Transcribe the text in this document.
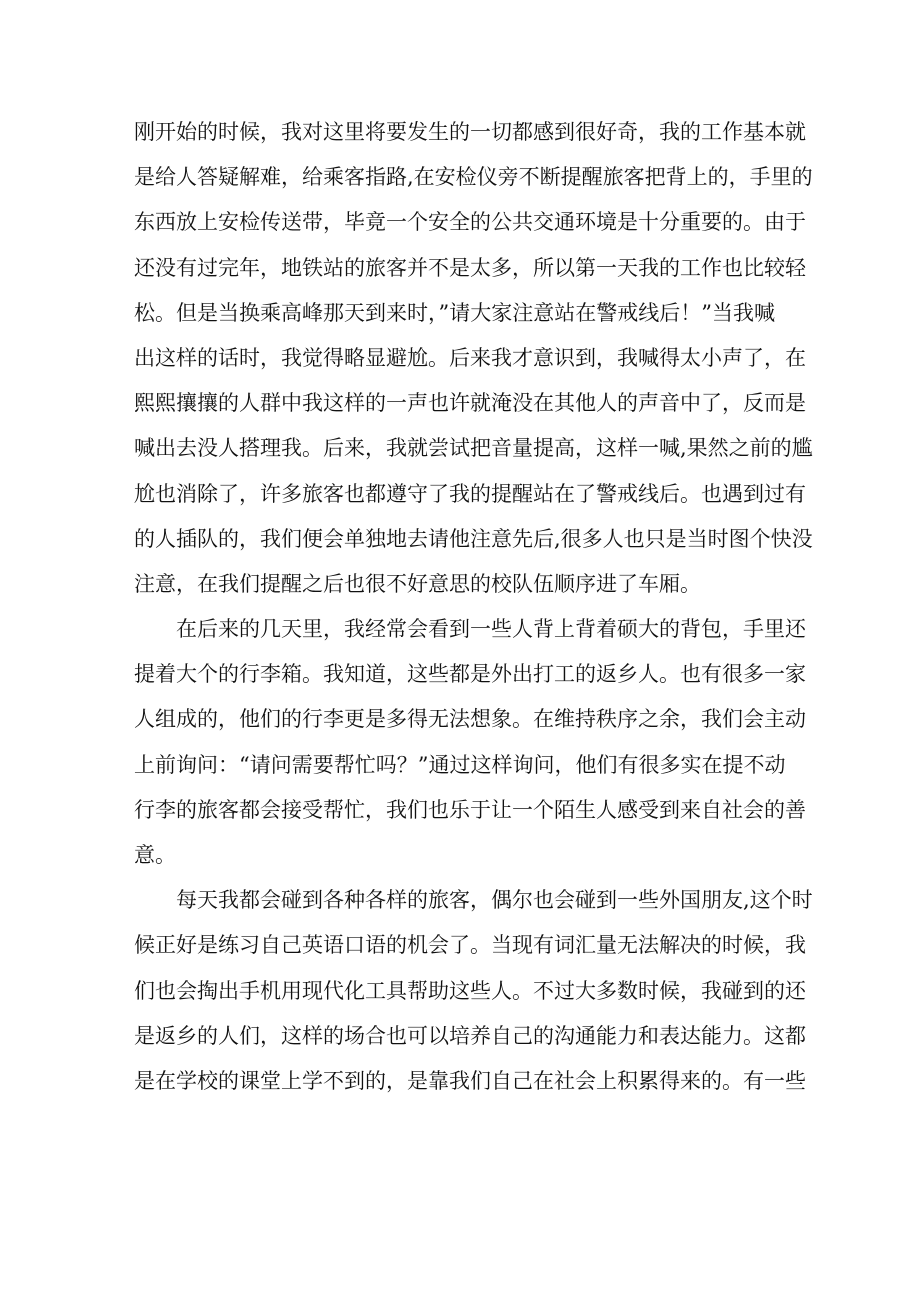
刚开始的时候，我对这里将要发生的一切都感到很好奇，我的工作基本就
是给人答疑解难，给乘客指路,在安检仪旁不断提醒旅客把背上的，手里的
东西放上安检传送带，毕竟一个安全的公共交通环境是十分重要的。由于
还没有过完年，地铁站的旅客并不是太多，所以第一天我的工作也比较轻
松。但是当换乘高峰那天到来时，”请大家注意站在警戒线后！”当我喊
出这样的话时，我觉得略显避尬。后来我才意识到，我喊得太小声了，在
熙熙攘攘的人群中我这样的一声也许就淹没在其他人的声音中了，反而是
喊出去没人搭理我。后来，我就尝试把音量提高，这样一喊,果然之前的尴
尬也消除了，许多旅客也都遵守了我的提醒站在了警戒线后。也遇到过有
的人插队的，我们便会单独地去请他注意先后,很多人也只是当时图个快没
注意，在我们提醒之后也很不好意思的校队伍顺序进了车厢。
　　在后来的几天里，我经常会看到一些人背上背着硕大的背包，手里还
提着大个的行李箱。我知道，这些都是外出打工的返乡人。也有很多一家
人组成的，他们的行李更是多得无法想象。在维持秩序之余，我们会主动
上前询问：“请问需要帮忙吗？”通过这样询问，他们有很多实在提不动
行李的旅客都会接受帮忙，我们也乐于让一个陌生人感受到来自社会的善
意。
　　每天我都会碰到各种各样的旅客，偶尔也会碰到一些外国朋友,这个时
候正好是练习自己英语口语的机会了。当现有词汇量无法解决的时候，我
们也会掏出手机用现代化工具帮助这些人。不过大多数时候，我碰到的还
是返乡的人们，这样的场合也可以培养自己的沟通能力和表达能力。这都
是在学校的课堂上学不到的，是靠我们自己在社会上积累得来的。有一些
